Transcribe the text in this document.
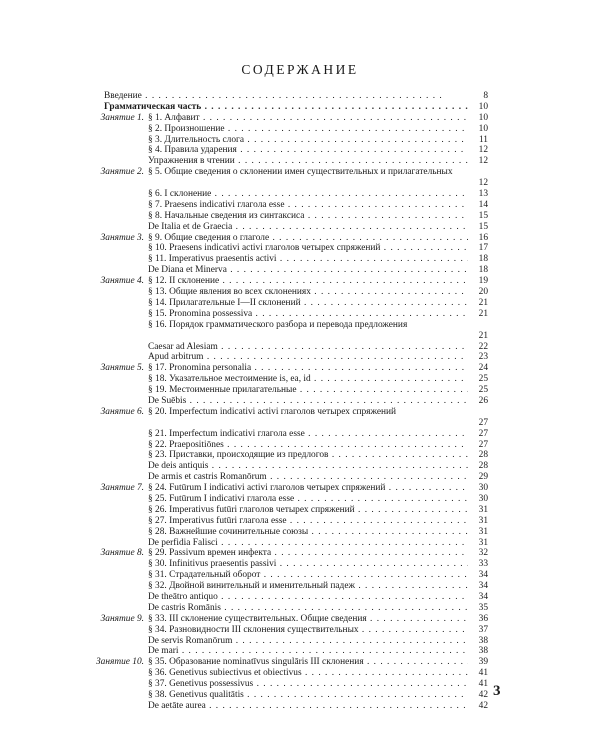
СОДЕРЖАНИЕ
Введение . .	8
Грамматическая часть . .	10
Занятие 1. § 1. Алфавит . .	10
§ 2. Произношение . .	10
§ 3. Длительность слога . .	11
§ 4. Правила ударения . .	12
Упражнения в чтении . .	12
Занятие 2. § 5. Общие сведения о склонении имен существительных и прилагательных
12
§ 6. I склонение . .	13
§ 7. Praesens indicativi глагола esse . .	14
§ 8. Начальные сведения из синтаксиса . .	15
De Italia et de Graecia . .	15
Занятие 3. § 9. Общие сведения о глаголе . .	16
§ 10. Praesens indicativi activi глаголов четырех спряжений . .	17
§ 11. Imperativus praesentis activi . .	18
De Diana et Minerva . .	18
Занятие 4. § 12. II склонение . .	19
§ 13. Общие явления во всех склонениях . .	20
§ 14. Прилагательные I—II склонений . .	21
§ 15. Pronomina possessiva . .	21
§ 16. Порядок грамматического разбора и перевода предложения
21
Caesar ad Alesiam . .	22
Apud arbitrum . .	23
Занятие 5. § 17. Pronomina personalia . .	24
§ 18. Указательное местоимение is, ea, id . .	25
§ 19. Местоименные прилагательные . .	25
De Suēbis . .	26
Занятие 6. § 20. Imperfectum indicativi activi глаголов четырех спряжений
27
§ 21. Imperfectum indicativi глагола esse . .	27
§ 22. Praepositiōnes . .	27
§ 23. Приставки, происходящие из предлогов . .	28
De deis antiquis . .	28
De armis et castris Romanōrum . .	29
Занятие 7. § 24. Futūrum I indicativi activi глаголов четырех спряжений . .	30
§ 25. Futūrum I indicativi глагола esse . .	30
§ 26. Imperativus futūri глаголов четырех спряжений . .	31
§ 27. Imperativus futūri глагола esse . .	31
§ 28. Важнейшие сочинительные союзы . .	31
De perfidia Falisci . .	31
Занятие 8. § 29. Passivum времен инфекта . .	32
§ 30. Infinitivus praesentis passivi . .	33
§ 31. Страдательный оборот . .	34
§ 32. Двойной винительный и именительный падеж . .	34
De theātro antiquo . .	34
De castris Romānis . .	35
Занятие 9. § 33. III склонение существительных. Общие сведения . .	36
§ 34. Разновидности III склонения существительных . .	37
De servis Romanōrum . .	38
De mari . .	38
Занятие 10. § 35. Образование nominatīvus singulāris III склонения . .	39
§ 36. Genetivus subiectivus et obiectivus . .	41
§ 37. Genetivus possessivus . .	41
§ 38. Genetivus qualitātis . .	42
De aetāte aurea . .	42
3
